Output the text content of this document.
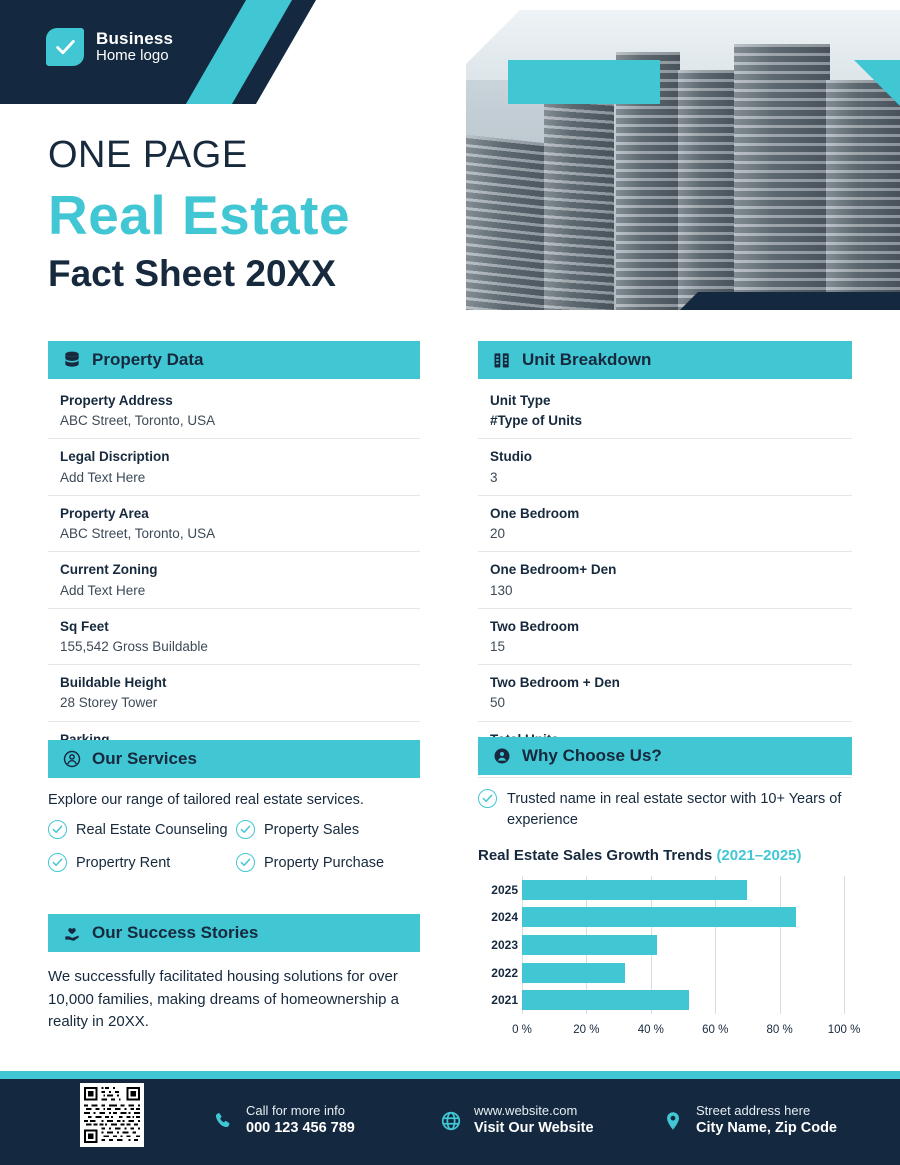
Business
Home logo
ONE PAGE
Real Estate
Fact Sheet 20XX
Property Data
Property Address
ABC Street, Toronto, USA
Legal Discription
Add Text Here
Property Area
ABC Street, Toronto, USA
Current Zoning
Add Text Here
Sq Feet
155,542 Gross Buildable
Buildable Height
28 Storey Tower
Unit Breakdown
Unit Type
#Type of Units
Studio
3
One Bedroom
20
One Bedroom+ Den
130
Two Bedroom
15
Two Bedroom + Den
50
Our Services
Explore our range of tailored real estate services.
Real Estate Counseling	Property Sales
Propertry Rent	Property Purchase
Our Success Stories
We successfully facilitated housing solutions for over 10,000 families, making dreams of homeownership a reality in 20XX.
Why Choose Us?
Trusted name in real estate sector with 10+ Years of experience
Real Estate Sales Growth Trends (2021–2025)
2025
2024
2023
2022
2021
0 %	20 %	40 %	60 %	80 %	100 %
Call for more info
000 123 456 789
www.website.com
Visit Our Website
Street address here
City Name, Zip Code
